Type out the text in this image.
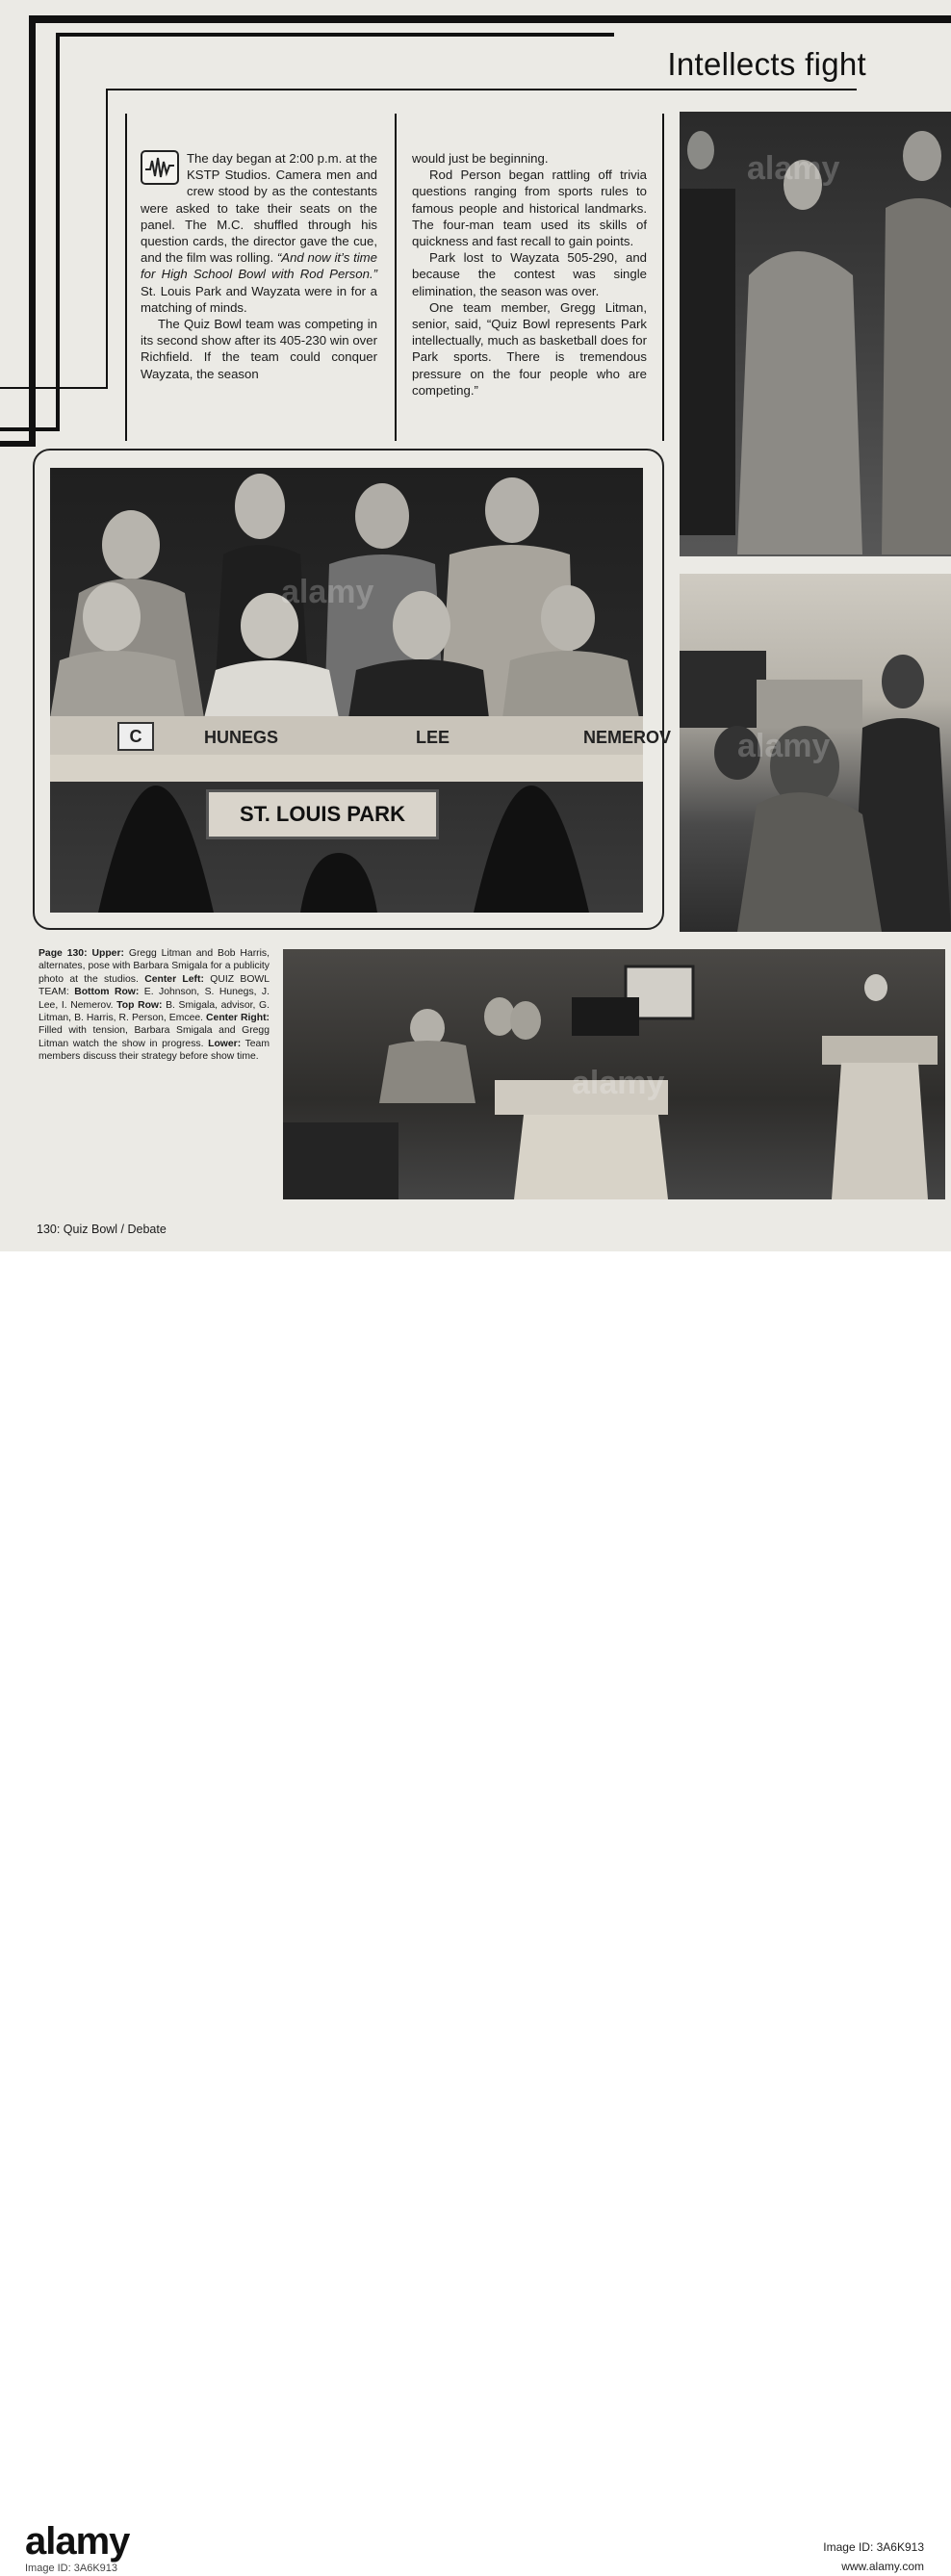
Intellects fight

The day began at 2:00 p.m. at the KSTP Studios. Camera men and crew stood by as the contestants were asked to take their seats on the panel. The M.C. shuffled through his question cards, the director gave the cue, and the film was rolling. “And now it’s time for High School Bowl with Rod Person.” St. Louis Park and Wayzata were in for a matching of minds.

The Quiz Bowl team was competing in its second show after its 405-230 win over Richfield. If the team could conquer Wayzata, the season

would just be beginning.

Rod Person began rattling off trivia questions ranging from sports rules to famous people and historical landmarks. The four-man team used its skills of quickness and fast recall to gain points.

Park lost to Wayzata 505-290, and because the contest was single elimination, the season was over.

One team member, Gregg Litman, senior, said, “Quiz Bowl represents Park intellectually, much as basketball does for Park sports. There is tremendous pressure on the four people who are competing.”

alamy
alamy
C	HUNEGS	LEE	NEMEROV
ST. LOUIS PARK
alamy
Page 130: Upper: Gregg Litman and Bob Harris, alternates, pose with Barbara Smigala for a publicity photo at the studios. Center Left: QUIZ BOWL TEAM: Bottom Row: E. Johnson, S. Hunegs, J. Lee, I. Nemerov. Top Row: B. Smigala, advisor, G. Litman, B. Harris, R. Person, Emcee. Center Right: Filled with tension, Barbara Smigala and Gregg Litman watch the show in progress. Lower: Team members discuss their strategy before show time.
alamy
130: Quiz Bowl / Debate
alamy
Image ID: 3A6K913
Image ID: 3A6K913
www.alamy.com
